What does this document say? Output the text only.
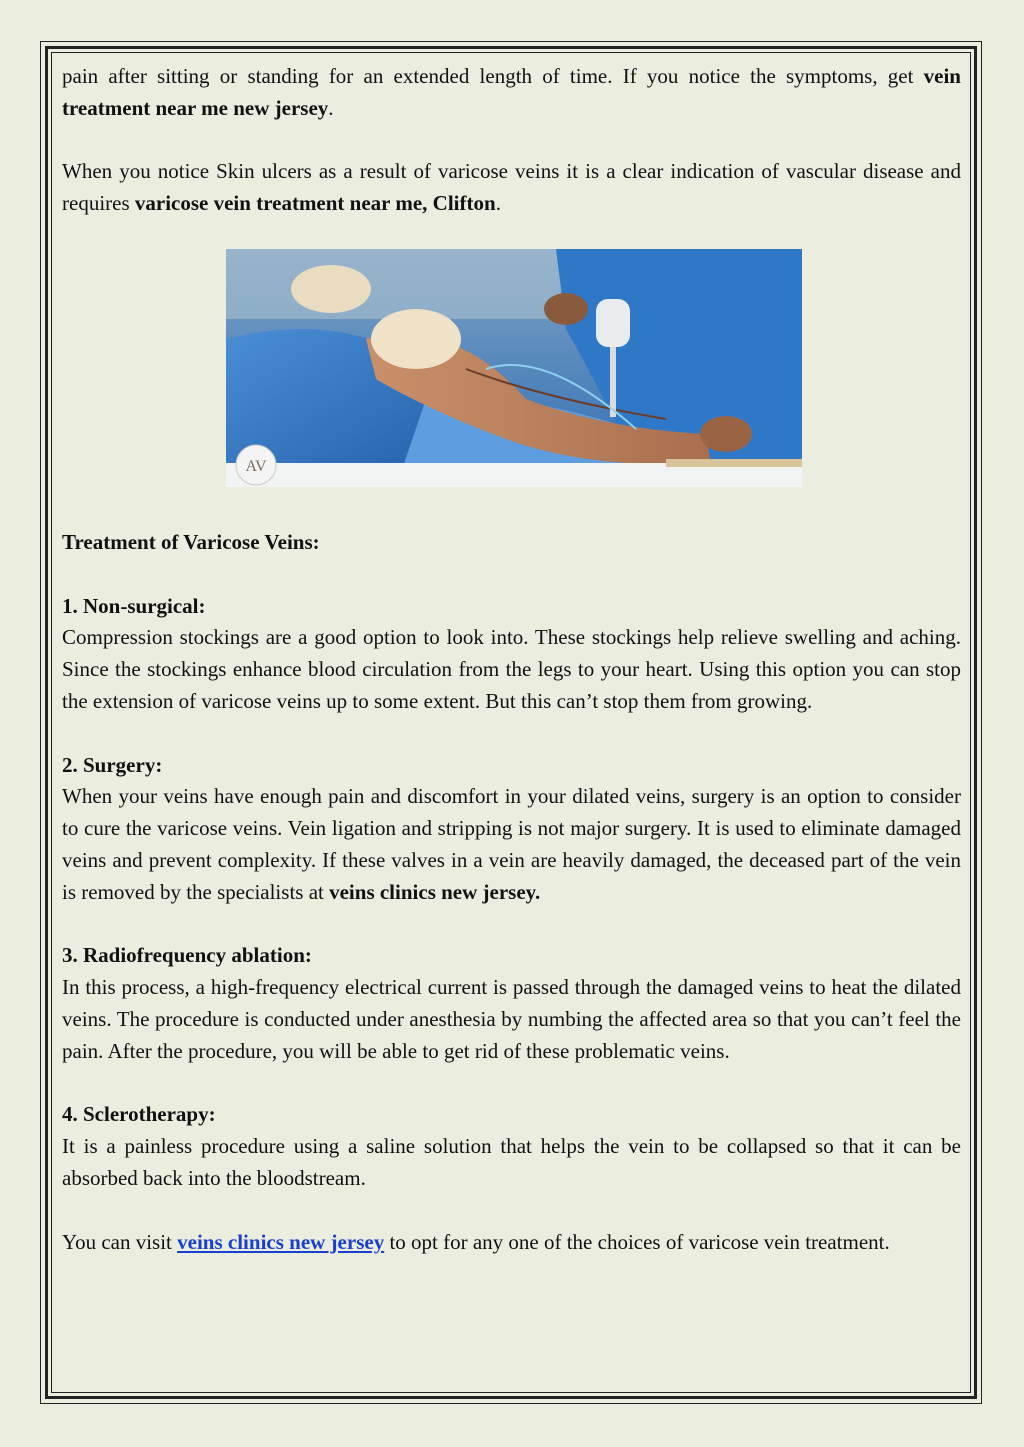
pain after sitting or standing for an extended length of time. If you notice the symptoms, get vein treatment near me new jersey.

When you notice Skin ulcers as a result of varicose veins it is a clear indication of vascular disease and requires varicose vein treatment near me, Clifton.

AV
Treatment of Varicose Veins:
1. Non-surgical:

Compression stockings are a good option to look into. These stockings help relieve swelling and aching. Since the stockings enhance blood circulation from the legs to your heart. Using this option you can stop the extension of varicose veins up to some extent. But this can’t stop them from growing.

2. Surgery:

When your veins have enough pain and discomfort in your dilated veins, surgery is an option to consider to cure the varicose veins. Vein ligation and stripping is not major surgery. It is used to eliminate damaged veins and prevent complexity. If these valves in a vein are heavily damaged, the deceased part of the vein is removed by the specialists at veins clinics new jersey.

3. Radiofrequency ablation:

In this process, a high-frequency electrical current is passed through the damaged veins to heat the dilated veins. The procedure is conducted under anesthesia by numbing the affected area so that you can’t feel the pain. After the procedure, you will be able to get rid of these problematic veins.

4. Sclerotherapy:

It is a painless procedure using a saline solution that helps the vein to be collapsed so that it can be absorbed back into the bloodstream.

You can visit veins clinics new jersey to opt for any one of the choices of varicose vein treatment.
